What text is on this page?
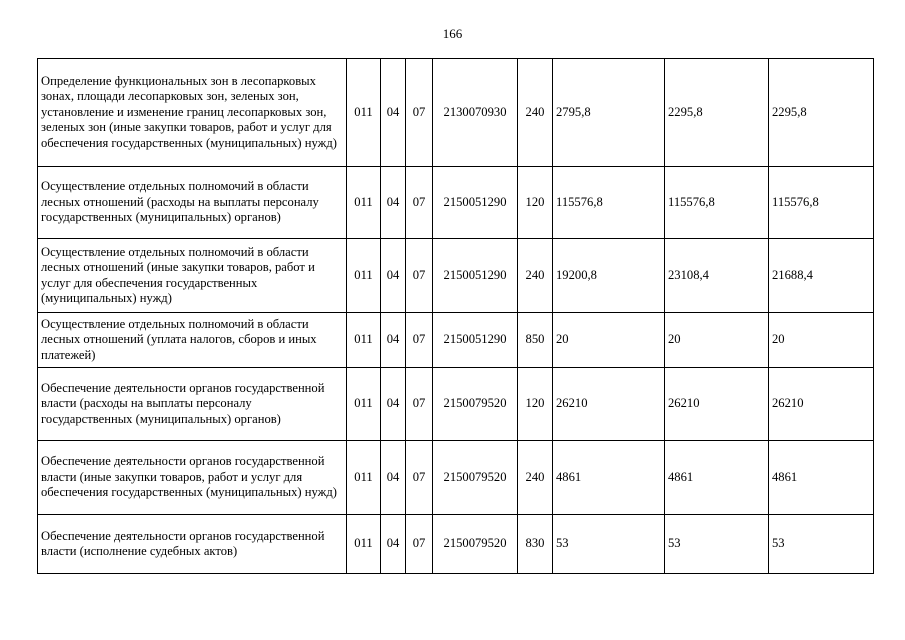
166
Определение функциональных зон в лесопарковых зонах, площади лесопарковых зон, зеленых зон, установление и изменение границ лесопарковых зон, зеленых зон (иные закупки товаров, работ и услуг для обеспечения государственных (муниципальных) нужд)	011	04	07	2130070930	240	2795,8	2295,8	2295,8
Осуществление отдельных полномочий в области лесных отношений (расходы на выплаты персоналу государственных (муниципальных) органов)	011	04	07	2150051290	120	115576,8	115576,8	115576,8
Осуществление отдельных полномочий в области лесных отношений (иные закупки товаров, работ и услуг для обеспечения государственных (муниципальных) нужд)	011	04	07	2150051290	240	19200,8	23108,4	21688,4
Осуществление отдельных полномочий в области лесных отношений (уплата налогов, сборов и иных платежей)	011	04	07	2150051290	850	20	20	20
Обеспечение деятельности органов государственной власти (расходы на выплаты персоналу государственных (муниципальных) органов)	011	04	07	2150079520	120	26210	26210	26210
Обеспечение деятельности органов государственной власти (иные закупки товаров, работ и услуг для обеспечения государственных (муниципальных) нужд)	011	04	07	2150079520	240	4861	4861	4861
Обеспечение деятельности органов государственной власти (исполнение судебных актов)	011	04	07	2150079520	830	53	53	53
